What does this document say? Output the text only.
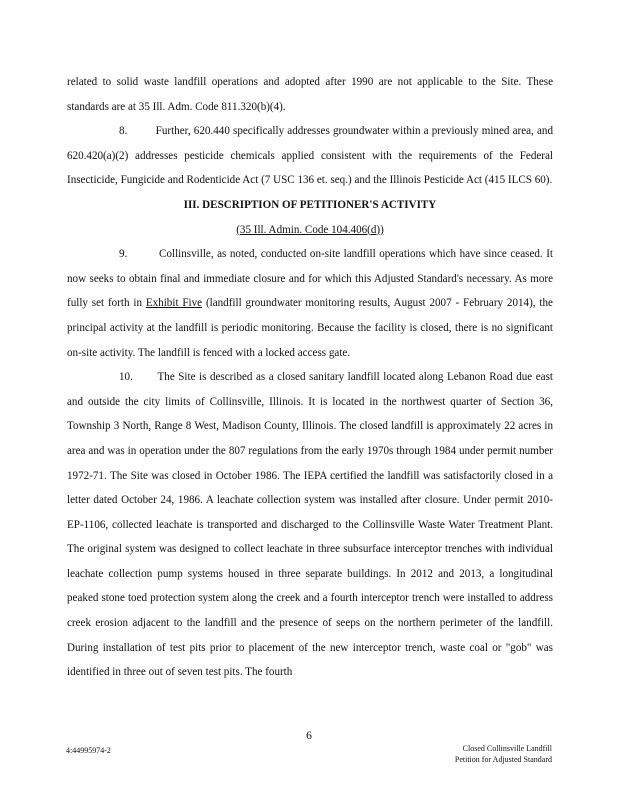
related to solid waste landfill operations and adopted after 1990 are not applicable to the Site. These standards are at 35 Ill. Adm. Code 811.320(b)(4).

8.	Further, 620.440 specifically addresses groundwater within a previously mined area, and 620.420(a)(2) addresses pesticide chemicals applied consistent with the requirements of the Federal Insecticide, Fungicide and Rodenticide Act (7 USC 136 et. seq.) and the Illinois Pesticide Act (415 ILCS 60).

III. DESCRIPTION OF PETITIONER'S ACTIVITY

(35 Ill. Admin. Code 104.406(d))

9.	Collinsville, as noted, conducted on-site landfill operations which have since ceased. It now seeks to obtain final and immediate closure and for which this Adjusted Standard's necessary. As more fully set forth in Exhibit Five (landfill groundwater monitoring results, August 2007 - February 2014), the principal activity at the landfill is periodic monitoring. Because the facility is closed, there is no significant on-site activity. The landfill is fenced with a locked access gate.

10. The Site is described as a closed sanitary landfill located along Lebanon Road due east and outside the city limits of Collinsville, Illinois. It is located in the northwest quarter of Section 36, Township 3 North, Range 8 West, Madison County, Illinois. The closed landfill is approximately 22 acres in area and was in operation under the 807 regulations from the early 1970s through 1984 under permit number 1972-71. The Site was closed in October 1986. The IEPA certified the landfill was satisfactorily closed in a letter dated October 24, 1986. A leachate collection system was installed after closure. Under permit 2010-EP-1106, collected leachate is transported and discharged to the Collinsville Waste Water Treatment Plant. The original system was designed to collect leachate in three subsurface interceptor trenches with individual leachate collection pump systems housed in three separate buildings. In 2012 and 2013, a longitudinal peaked stone toed protection system along the creek and a fourth interceptor trench were installed to address creek erosion adjacent to the landfill and the presence of seeps on the northern perimeter of the landfill. During installation of test pits prior to placement of the new interceptor trench, waste coal or "gob" was identified in three out of seven test pits. The fourth

6
4:44995974-2	Closed Collinsville Landfill
Petition for Adjusted Standard
